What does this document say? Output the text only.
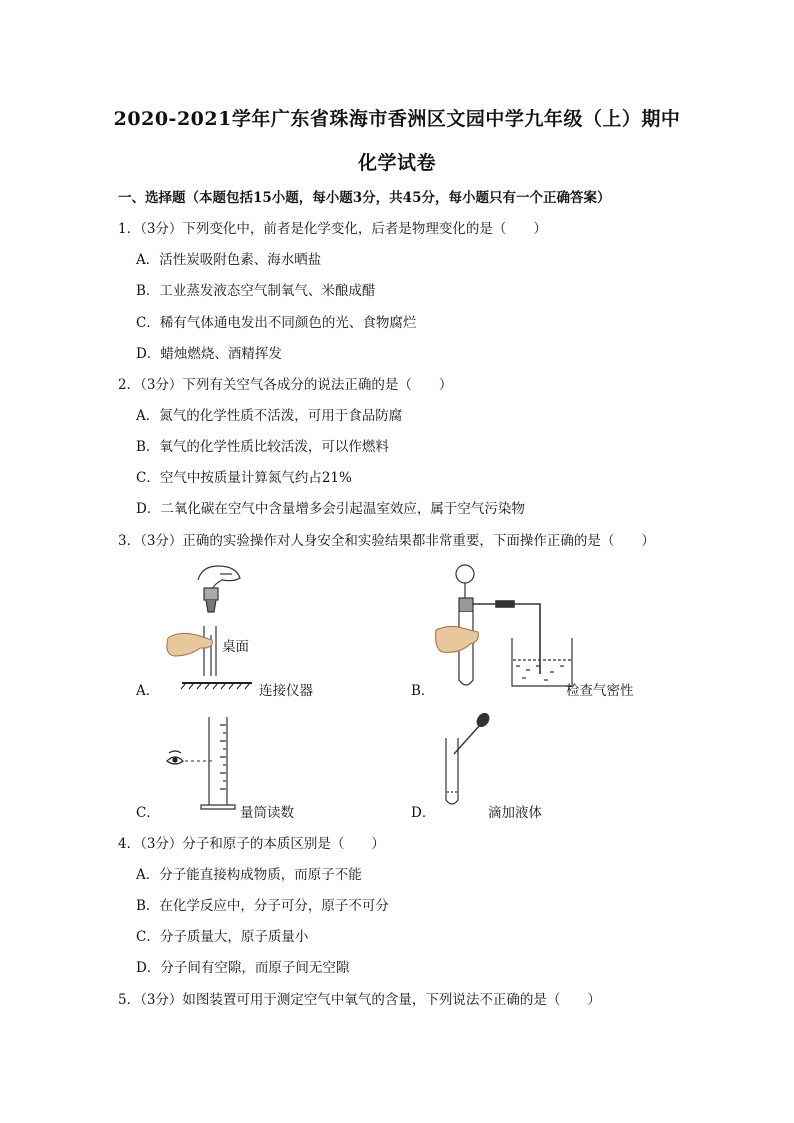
2020-2021学年广东省珠海市香洲区文园中学九年级（上）期中
化学试卷
一、选择题（本题包括15小题，每小题3分，共45分，每小题只有一个正确答案）
1．（3分）下列变化中，前者是化学变化，后者是物理变化的是（　　）
A．活性炭吸附色素、海水晒盐
B．工业蒸发液态空气制氧气、米酿成醋
C．稀有气体通电发出不同颜色的光、食物腐烂
D．蜡烛燃烧、酒精挥发
2．（3分）下列有关空气各成分的说法正确的是（　　）
A．氮气的化学性质不活泼，可用于食品防腐
B．氧气的化学性质比较活泼，可以作燃料
C．空气中按质量计算氮气约占21%
D．二氧化碳在空气中含量增多会引起温室效应，属于空气污染物
3．（3分）正确的实验操作对人身安全和实验结果都非常重要，下面操作正确的是（　　）
桌面
A．	连接仪器	B．	检查气密性
C．	量筒读数	D．	滴加液体
4．（3分）分子和原子的本质区别是（　　）
A．分子能直接构成物质，而原子不能
B．在化学反应中，分子可分，原子不可分
C．分子质量大，原子质量小
D．分子间有空隙，而原子间无空隙
5．（3分）如图装置可用于测定空气中氧气的含量，下列说法不正确的是（　　）
